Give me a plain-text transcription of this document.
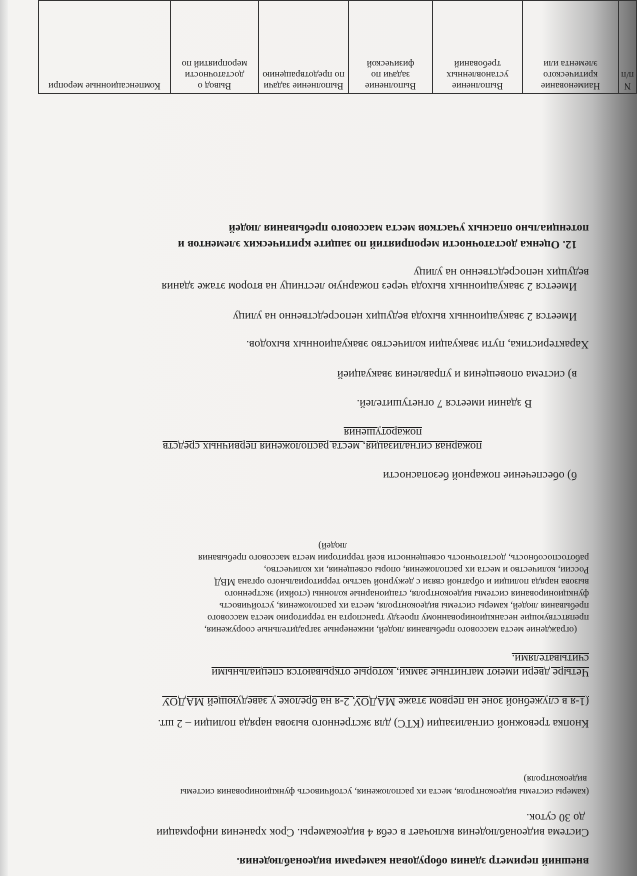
внешний периметр здания оборудован камерами видеонаблюдения.
Система видеонаблюдения включает в себя 4 видеокамеры. Срок хранения информации
до 30 суток.
(камеры системы видеоконтроля, места их расположения, устойчивость функционирования системы
видеоконтроля)
Кнопка тревожной сигнализации (КТС) для экстренного вызова наряда полиции – 2 шт.
(1-я в служебной зоне на первом этаже МАДОУ, 2-я на брелоке у заведующей МАДОУ
Четыре двери имеют магнитные замки, которые открываются специальными
считывателями.
(ограждение места массового пребывания людей, инженерные заградительные сооружения,
препятствующие несанкционированному проезду транспорта на территорию места массового
пребывания людей, камеры системы видеоконтроля, места их расположения, устойчивость
функционирования системы видеоконтроля, стационарные колонны (стойки) экстренного
вызова наряда полиции и обратной связи с дежурной частью территориального органа МВД
России, количество и места их расположения, опоры освещения, их количество,
работоспособность, достаточность освещенности всей территории места массового пребывания
людей)
б) обеспечение пожарной безопасности
пожарная сигнализация, места расположения первичных средств
пожаротушения
В здании имеется 7 огнетушителей.
в) система оповещения и управления эвакуацией
Характеристика, пути эвакуации количество эвакуационных выходов.
Имеется 2 эвакуационных выхода ведущих непосредственно на улицу
Имеется 2 эвакуационных выхода через пожарную лестницу на втором этаже здания
ведущих непосредственно на улицу
12. Оценка достаточности мероприятий по защите критических элементов и
потенциально опасных участков места массового пребывания людей
N п/п	Наименование критического элемента или	Выполнение установленных требований	Выполнение задачи по физической	Выполнение задачи по предотвращению	Вывод о достаточности мероприятий по	Компенсационные меропри
